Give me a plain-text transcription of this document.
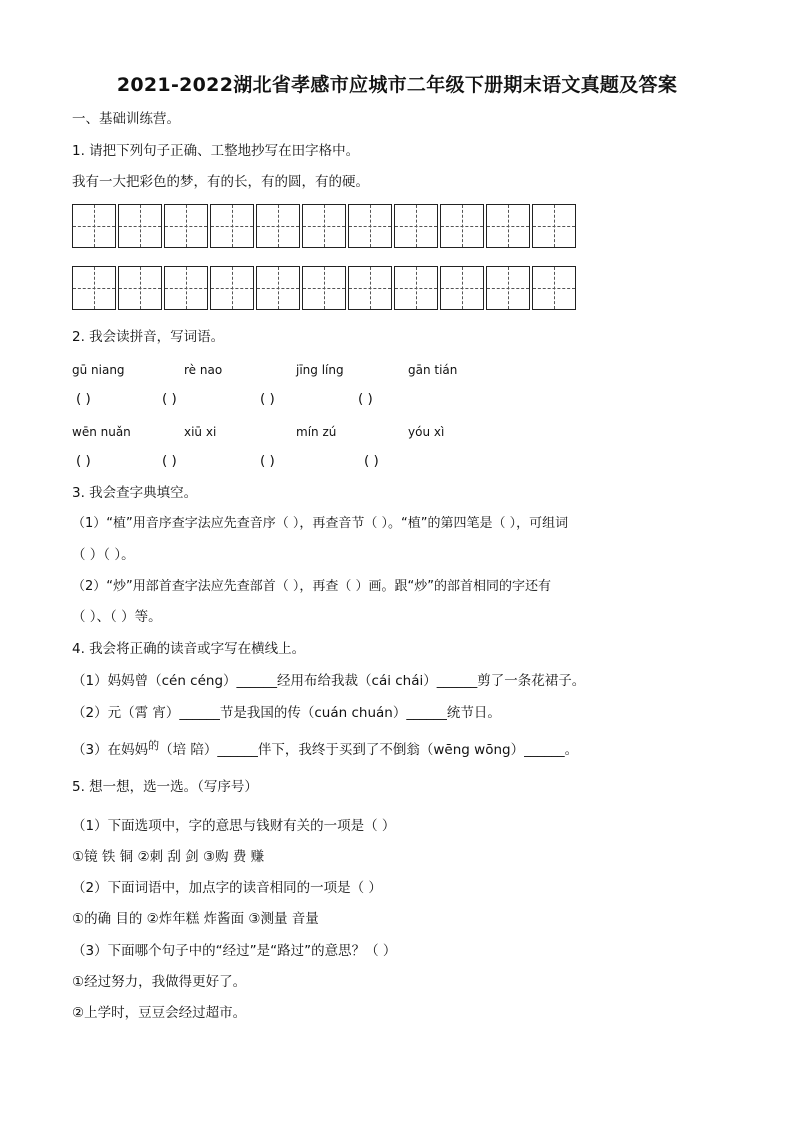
2021-2022湖北省孝感市应城市二年级下册期末语文真题及答案
一、基础训练营。
1. 请把下列句子正确、工整地抄写在田字格中。
我有一大把彩色的梦，有的长，有的圆，有的硬。
2. 我会读拼音，写词语。
gū niang	rè nao	jīng líng	gān tián
( )	( )	( )	( )
wēn nuǎn	xiū xi	mín zú	yóu xì
( )	( )	( )	( )
3. 我会查字典填空。
（1）“植”用音序查字法应先查音序（ ），再查音节（ ）。“植”的第四笔是（ ），可组词
（ ）（ ）。
（2）“炒”用部首查字法应先查部首（ ），再查（ ）画。跟“炒”的部首相同的字还有
（ ）、（ ）等。
4. 我会将正确的读音或字写在横线上。
（1）妈妈曾（cén céng）______经用布给我裁（cái chái）______剪了一条花裙子。
（2）元（霄 宵）______节是我国的传（cuán chuán）______统节日。
（3）在妈妈$^的$（培 陪）______伴下，我终于买到了不倒翁（wēng wōng）______。
5. 想一想，选一选。（写序号）
（1）下面选项中，字的意思与钱财有关的一项是（ ）
①镜 铁 铜 ②刺 刮 剑 ③购 费 赚
（2）下面词语中，加点字的读音相同的一项是（ ）
①的确 目的 ②炸年糕 炸酱面 ③测量 音量
（3）下面哪个句子中的“经过”是“路过”的意思？（ ）
①经过努力，我做得更好了。
②上学时，豆豆会经过超市。
